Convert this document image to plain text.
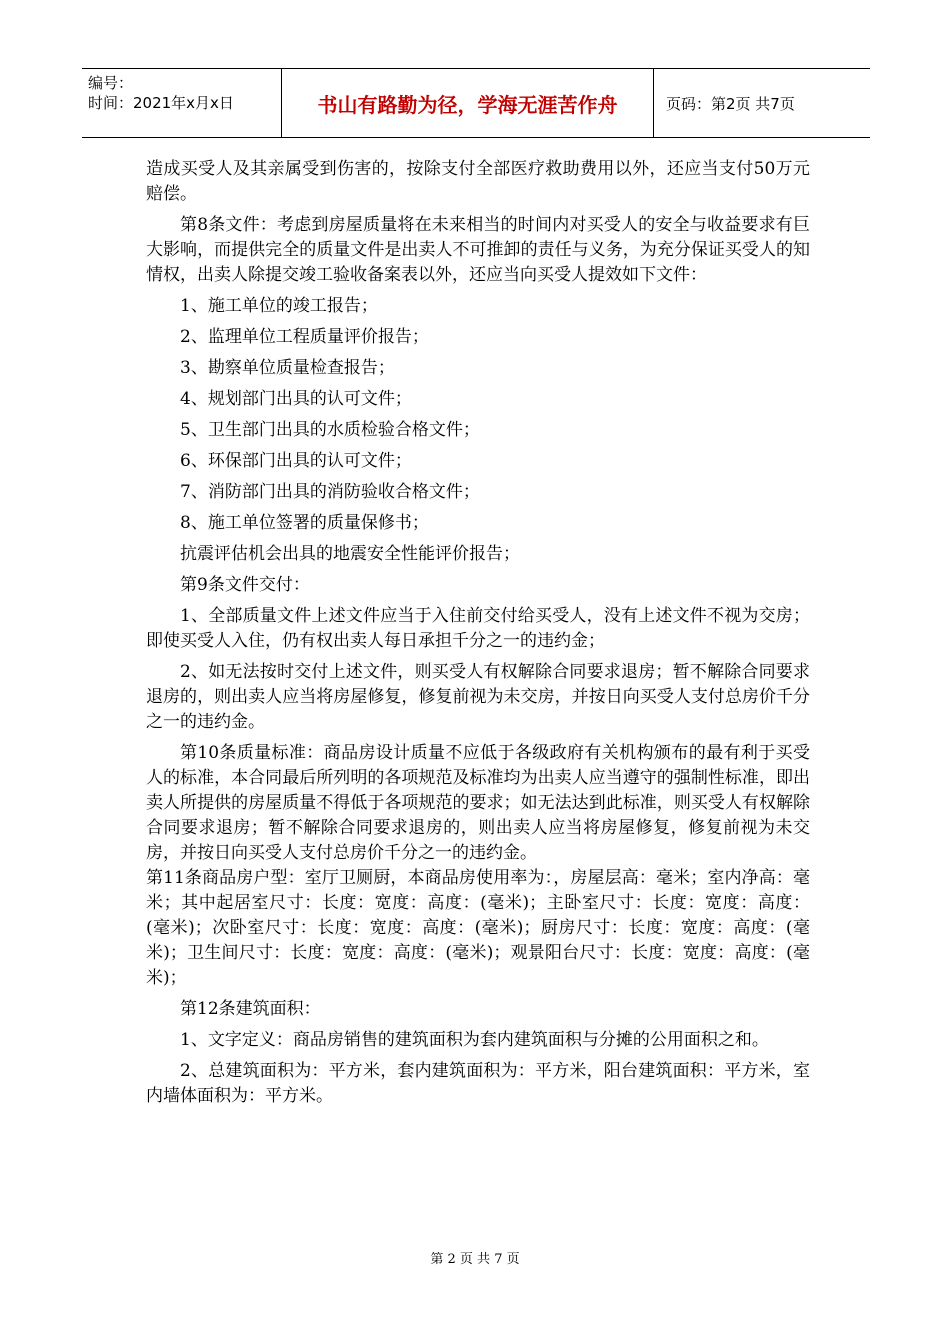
编号：
时间：2021年x月x日	书山有路勤为径，学海无涯苦作舟	页码：第2页 共7页

造成买受人及其亲属受到伤害的，按除支付全部医疗救助费用以外，还应当支付50万元赔偿。

第8条文件：考虑到房屋质量将在未来相当的时间内对买受人的安全与收益要求有巨大影响，而提供完全的质量文件是出卖人不可推卸的责任与义务，为充分保证买受人的知情权，出卖人除提交竣工验收备案表以外，还应当向买受人提效如下文件：

1、施工单位的竣工报告；

2、监理单位工程质量评价报告；

3、勘察单位质量检查报告；

4、规划部门出具的认可文件；

5、卫生部门出具的水质检验合格文件；

6、环保部门出具的认可文件；

7、消防部门出具的消防验收合格文件；

8、施工单位签署的质量保修书；

抗震评估机会出具的地震安全性能评价报告；

第9条文件交付：

1、全部质量文件上述文件应当于入住前交付给买受人，没有上述文件不视为交房；即使买受人入住，仍有权出卖人每日承担千分之一的违约金；

2、如无法按时交付上述文件，则买受人有权解除合同要求退房；暂不解除合同要求退房的，则出卖人应当将房屋修复，修复前视为未交房，并按日向买受人支付总房价千分之一的违约金。

第10条质量标准：商品房设计质量不应低于各级政府有关机构颁布的最有利于买受人的标准，本合同最后所列明的各项规范及标准均为出卖人应当遵守的强制性标准，即出卖人所提供的房屋质量不得低于各项规范的要求；如无法达到此标准，则买受人有权解除合同要求退房；暂不解除合同要求退房的，则出卖人应当将房屋修复，修复前视为未交房，并按日向买受人支付总房价千分之一的违约金。

第11条商品房户型：室厅卫厕厨，本商品房使用率为：，房屋层高：毫米；室内净高：毫米；其中起居室尺寸：长度：宽度：高度：(毫米)；主卧室尺寸：长度：宽度：高度：(毫米)；次卧室尺寸：长度：宽度：高度：(毫米)；厨房尺寸：长度：宽度：高度：(毫米)；卫生间尺寸：长度：宽度：高度：(毫米)；观景阳台尺寸：长度：宽度：高度：(毫米)；

第12条建筑面积：

1、文字定义：商品房销售的建筑面积为套内建筑面积与分摊的公用面积之和。

2、总建筑面积为：平方米，套内建筑面积为：平方米，阳台建筑面积：平方米，室内墙体面积为：平方米。

第 2 页 共 7 页
